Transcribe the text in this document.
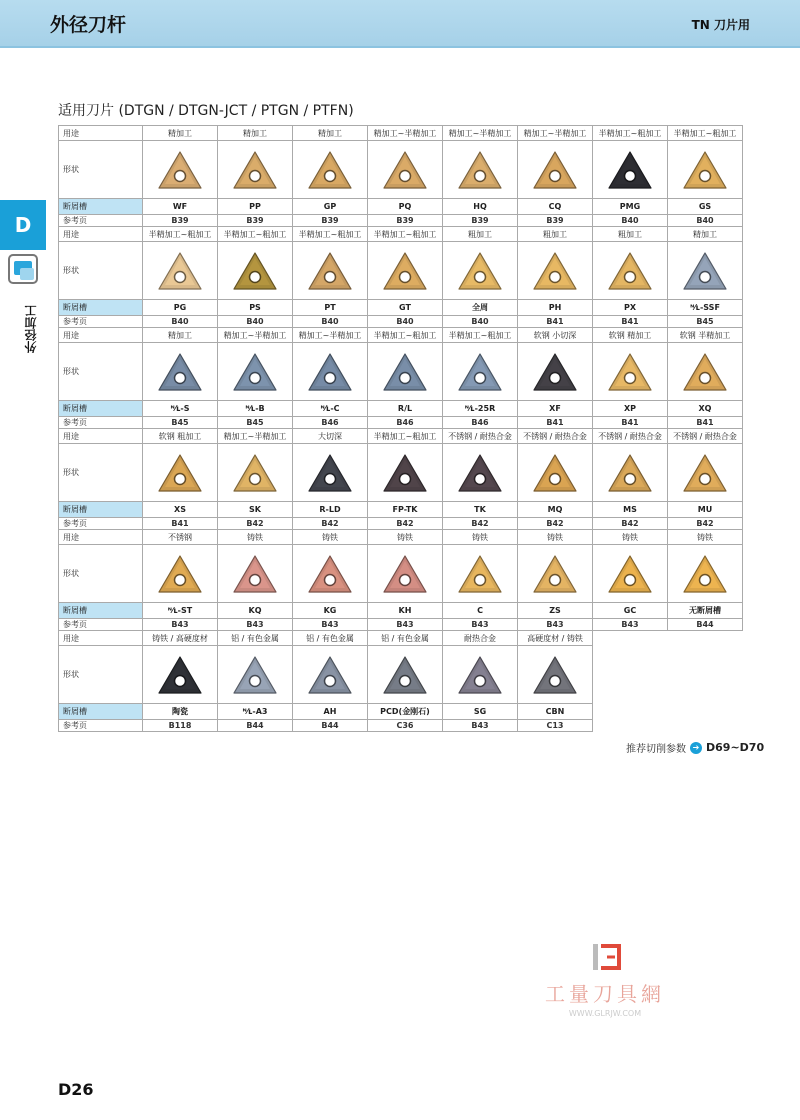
外径刀杆	TN 刀片用
D
外径加工
适用刀片 (DTGN / DTGN-JCT / PTGN / PTFN)
用途	精加工	精加工	精加工	精加工~半精加工	精加工~半精加工	精加工~半精加工	半精加工~粗加工	半精加工~粗加工
形状
断屑槽	WF	PP	GP	PQ	HQ	CQ	PMG	GS
参考页	B39	B39	B39	B39	B39	B39	B40	B40
用途	半精加工~粗加工	半精加工~粗加工	半精加工~粗加工	半精加工~粗加工	粗加工	粗加工	粗加工	精加工
形状
断屑槽	PG	PS	PT	GT	全周	PH	PX	ᴺ⁄ʟ-SSF
参考页	B40	B40	B40	B40	B40	B41	B41	B45
用途	精加工	精加工~半精加工	精加工~半精加工	半精加工~粗加工	半精加工~粗加工	软钢 小切深	软钢 精加工	软钢 半精加工
形状
断屑槽	ᴺ⁄ʟ-S	ᴺ⁄ʟ-B	ᴺ⁄ʟ-C	R/L	ᴺ⁄ʟ-25R	XF	XP	XQ
参考页	B45	B45	B46	B46	B46	B41	B41	B41
用途	软钢 粗加工	精加工~半精加工	大切深	半精加工~粗加工	不锈钢 / 耐热合金	不锈钢 / 耐热合金	不锈钢 / 耐热合金	不锈钢 / 耐热合金
形状
断屑槽	XS	SK	R-LD	FP-TK	TK	MQ	MS	MU
参考页	B41	B42	B42	B42	B42	B42	B42	B42
用途	不锈钢	铸铁	铸铁	铸铁	铸铁	铸铁	铸铁	铸铁
形状
断屑槽	ᴺ⁄ʟ-ST	KQ	KG	KH	C	ZS	GC	无断屑槽
参考页	B43	B43	B43	B43	B43	B43	B43	B44
用途	铸铁 / 高硬度材	铝 / 有色金属	铝 / 有色金属	铝 / 有色金属	耐热合金	高硬度材 / 铸铁
形状
断屑槽	陶瓷	ᴺ⁄ʟ-A3	AH	PCD(金刚石)	SG	CBN
参考页	B118	B44	B44	C36	B43	C13
推荐切削参数 ➔ D69~D70
工量刀具網
WWW.GLRJW.COM
D26
